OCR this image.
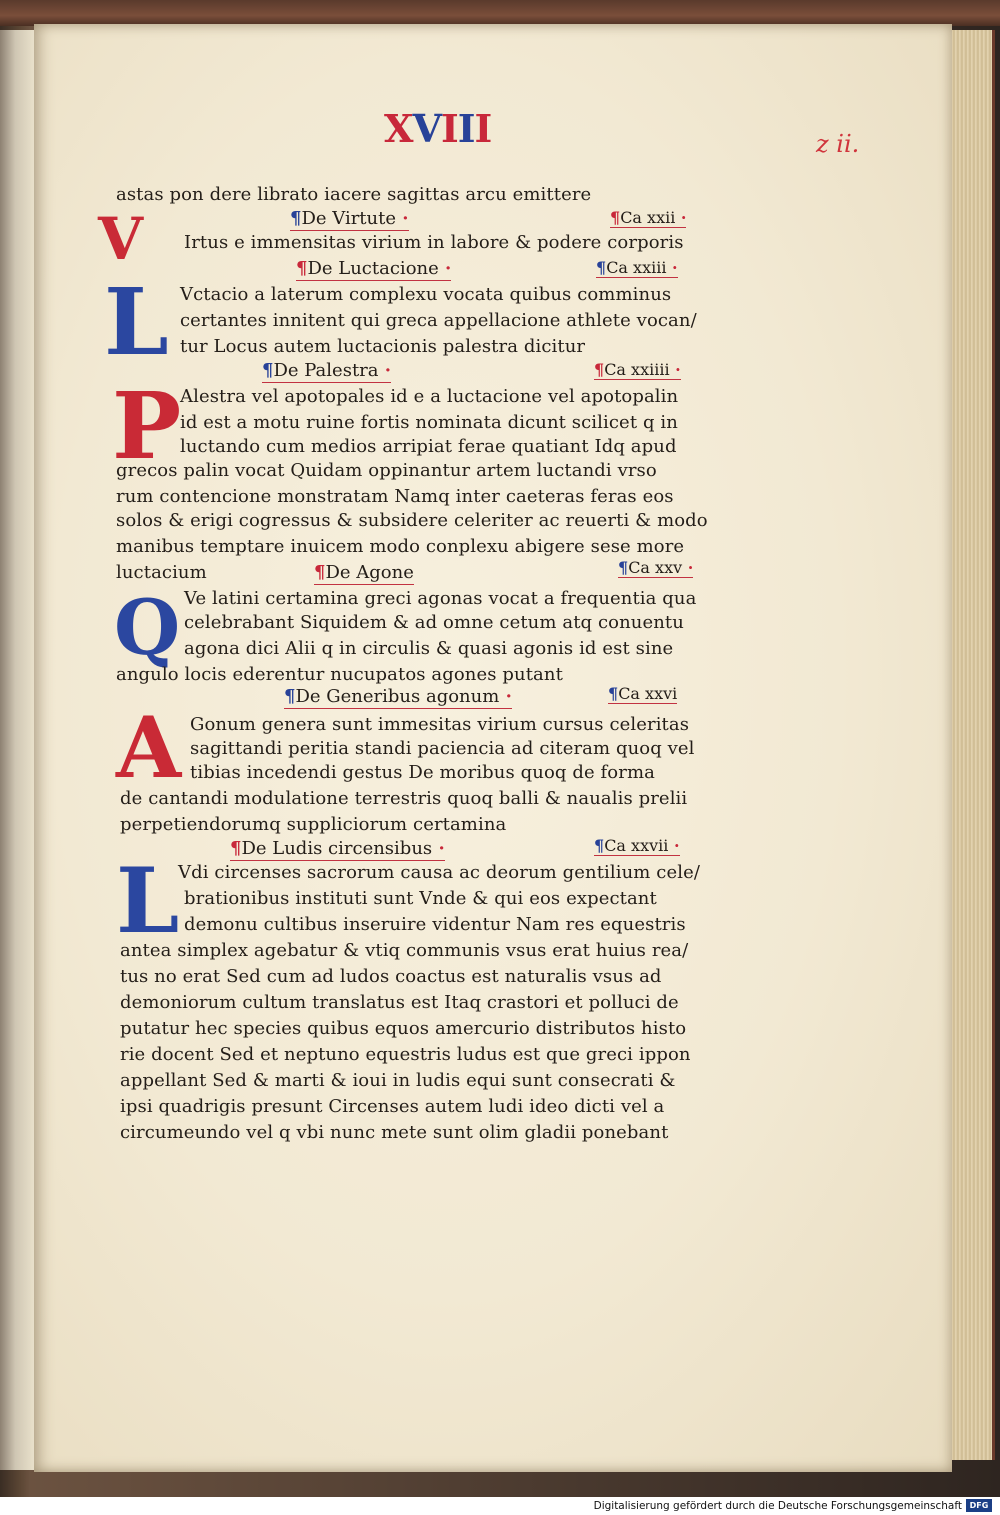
XVIII	z ii.
astas pon dere librato iacere sagittas arcu emittere
V	¶De Virtute ·	¶Ca xxii ·
Irtus e immensitas virium in labore & podere corporis
¶De Luctacione ·	¶Ca xxiii ·
L Vctacio a laterum complexu vocata quibus comminus
certantes innitent qui greca appellacione athlete vocan/
tur Locus autem luctacionis palestra dicitur
¶De Palestra ·	¶Ca xxiiii ·
P
Alestra vel apotopales id e a luctacione vel apotopalin
id est a motu ruine fortis nominata dicunt scilicet q in
luctando cum medios arripiat ferae quatiant Idq apud
grecos palin vocat Quidam oppinantur artem luctandi vrso
rum contencione monstratam Namq inter caeteras feras eos
solos & erigi cogressus & subsidere celeriter ac reuerti & modo
manibus temptare inuicem modo conplexu abigere sese more
luctacium	¶De Agone	¶Ca xxv ·
Q Ve latini certamina greci agonas vocat a frequentia qua
celebrabant Siquidem & ad omne cetum atq conuentu
agona dici Alii q in circulis & quasi agonis id est sine
angulo locis ederentur nucupatos agones putant
¶De Generibus agonum ·	¶Ca xxvi
A Gonum genera sunt immesitas virium cursus celeritas
sagittandi peritia standi paciencia ad citeram quoq vel
tibias incedendi gestus De moribus quoq de forma
de cantandi modulatione terrestris quoq balli & naualis prelii
perpetiendorumq suppliciorum certamina
¶De Ludis circensibus ·	¶Ca xxvii ·
L
Vdi circenses sacrorum causa ac deorum gentilium cele/
brationibus instituti sunt Vnde & qui eos expectant
demonu cultibus inseruire videntur Nam res equestris
antea simplex agebatur & vtiq communis vsus erat huius rea/
tus no erat Sed cum ad ludos coactus est naturalis vsus ad
demoniorum cultum translatus est Itaq crastori et polluci de
putatur hec species quibus equos amercurio distributos histo
rie docent Sed et neptuno equestris ludus est que greci ippon
appellant Sed & marti & ioui in ludis equi sunt consecrati &
ipsi quadrigis presunt Circenses autem ludi ideo dicti vel a
circumeundo vel q vbi nunc mete sunt olim gladii ponebant
Digitalisierung gefördert durch die Deutsche Forschungsgemeinschaft DFG
